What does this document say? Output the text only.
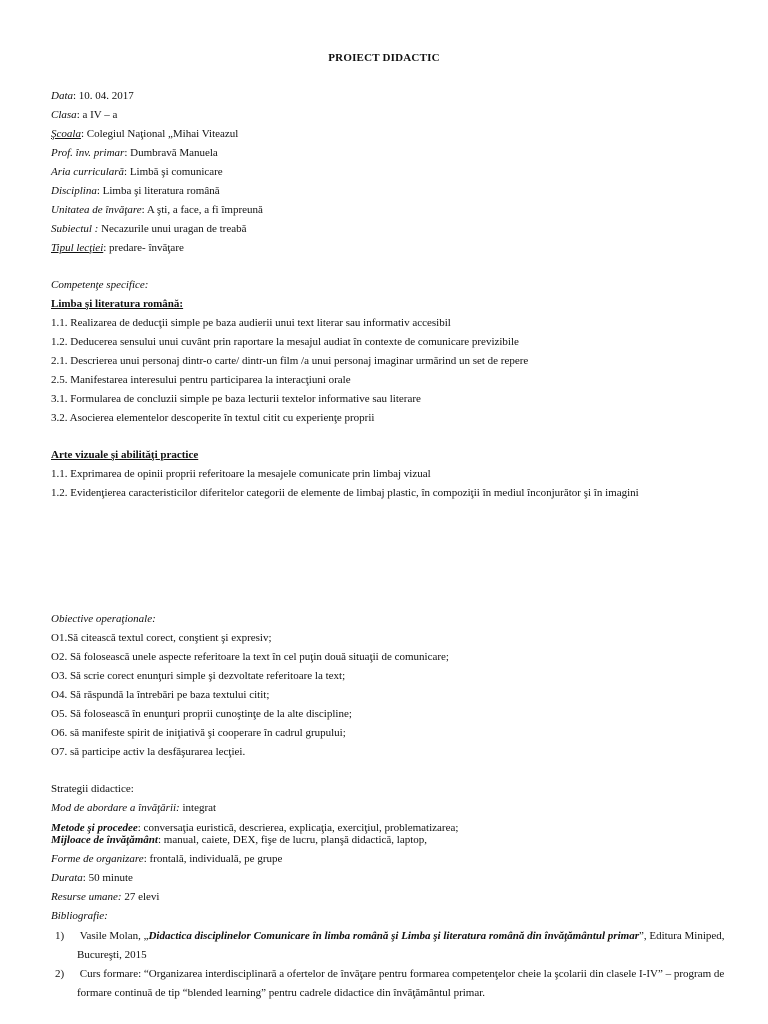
PROIECT DIDACTIC
Data: 10. 04. 2017
Clasa: a IV – a
Şcoala: Colegiul Naţional „Mihai Viteazul
Prof. înv. primar: Dumbravă Manuela
Aria curriculară: Limbă şi comunicare
Disciplina: Limba şi literatura română
Unitatea de învăţare: A şti, a face, a fi împreună
Subiectul : Necazurile unui uragan de treabă
Tipul lecţiei: predare- învăţare
Competenţe specifice:
Limba şi literatura română:
1.1. Realizarea de deducţii simple pe baza audierii unui text literar sau informativ accesibil
1.2. Deducerea sensului unui cuvânt prin raportare la mesajul audiat în contexte de comunicare previzibile
2.1. Descrierea unui personaj dintr-o carte/ dintr-un film /a unui personaj imaginar urmărind un set de repere
2.5. Manifestarea interesului pentru participarea la interacţiuni orale
3.1. Formularea de concluzii simple pe baza lecturii textelor informative sau literare
3.2. Asocierea elementelor descoperite în textul citit cu experienţe proprii
Arte vizuale şi abilităţi practice
1.1. Exprimarea de opinii proprii referitoare la mesajele comunicate prin limbaj vizual
1.2. Evidenţierea caracteristicilor diferitelor categorii de elemente de limbaj plastic, în compoziţii în mediul înconjurător şi în imagini
Obiective operaţionale:
O1.Să citească textul corect, conştient şi expresiv;
O2. Să folosească unele aspecte referitoare la text în cel puţin două situaţii de comunicare;
O3. Să scrie corect enunţuri simple şi dezvoltate referitoare la text;
O4. Să răspundă la întrebări pe baza textului citit;
O5. Să folosească în enunţuri proprii cunoştinţe de la alte discipline;
O6. să manifeste spirit de iniţiativă şi cooperare în cadrul grupului;
O7. să participe activ la desfăşurarea lecţiei.
Strategii didactice:
Mod de abordare a învăţării: integrat
Metode şi procedee: conversaţia euristică, descrierea, explicaţia, exerciţiul, problematizarea;
Mijloace de învăţământ: manual, caiete, DEX, fişe de lucru, planşă didactică, laptop,
Forme de organizare: frontală, individuală, pe grupe
Durata: 50 minute
Resurse umane: 27 elevi
Bibliografie:
1) Vasile Molan, „Didactica disciplinelor Comunicare în limba română şi Limba şi literatura română din învăţământul primar”, Editura Miniped,
Bucureşti, 2015
2) Curs formare: “Organizarea interdisciplinară a ofertelor de învăţare pentru formarea competenţelor cheie la şcolarii din clasele I-IV” – program de
formare continuă de tip “blended learning” pentru cadrele didactice din învăţământul primar.
